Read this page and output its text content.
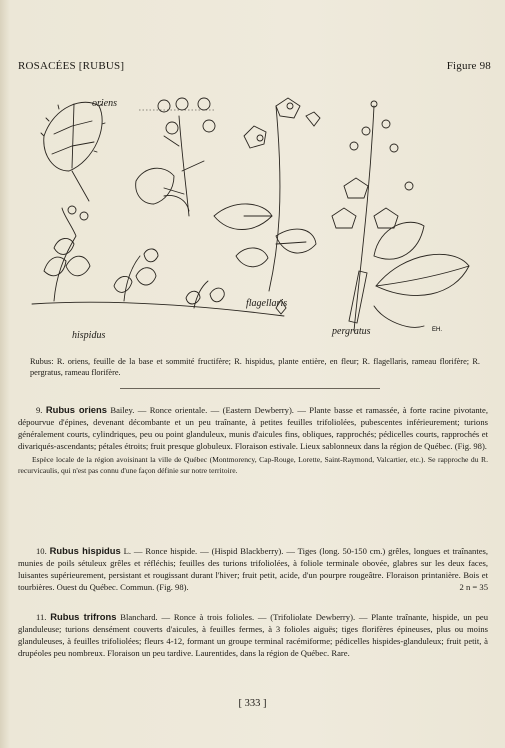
ROSACÉES [RUBUS]	Figure 98
oriens
hispidus
flagellaris
pergratus	EH.
Rubus: R. oriens, feuille de la base et sommité fructifère; R. hispidus, plante entière, en fleur; R. flagellaris, rameau florifère; R. pergratus, rameau florifère.
9. Rubus oriens Bailey. — Ronce orientale. — (Eastern Dewberry). — Plante basse et ramassée, à forte racine pivotante, dépourvue d'épines, devenant décombante et un peu traînante, à petites feuilles trifoliolées, pubescentes inférieurement; turions généralement courts, cylindriques, peu ou point glanduleux, munis d'aicules fins, obliques, rapprochés; pédicelles courts, rapprochés et divariqués-ascendants; pétales étroits; fruit presque globuleux. Floraison estivale. Lieux sablonneux dans la région de Québec. (Fig. 98).
Espèce locale de la région avoisinant la ville de Québec (Montmorency, Cap-Rouge, Lorette, Saint-Raymond, Valcartier, etc.). Se rapproche du R. recurvicaulis, qui n'est pas connu d'une façon définie sur notre territoire.
10. Rubus hispidus L. — Ronce hispide. — (Hispid Blackberry). — Tiges (long. 50-150 cm.) grêles, longues et traînantes, munies de poils sétuleux grêles et réfléchis; feuilles des turions trifoliolées, à foliole terminale obovée, glabres sur les deux faces, luisantes supérieurement, persistant et rougissant durant l'hiver; fruit petit, acide, d'un pourpre rougeâtre. Floraison printanière. Bois et tourbières. Ouest du Québec. Commun. (Fig. 98).	2 n = 35
11. Rubus trifrons Blanchard. — Ronce à trois folioles. — (Trifoliolate Dewberry). — Plante traînante, hispide, un peu glanduleuse; turions densément couverts d'aicules, à feuilles fermes, à 3 folioles aiguës; tiges florifères épineuses, plus ou moins glanduleuses, à feuilles trifoliolées; fleurs 4-12, formant un groupe terminal racémiforme; pédicelles hispides-glanduleux; fruit petit, à drupéoles peu nombreux. Floraison un peu tardive. Laurentides, dans la région de Québec. Rare.
[ 333 ]
